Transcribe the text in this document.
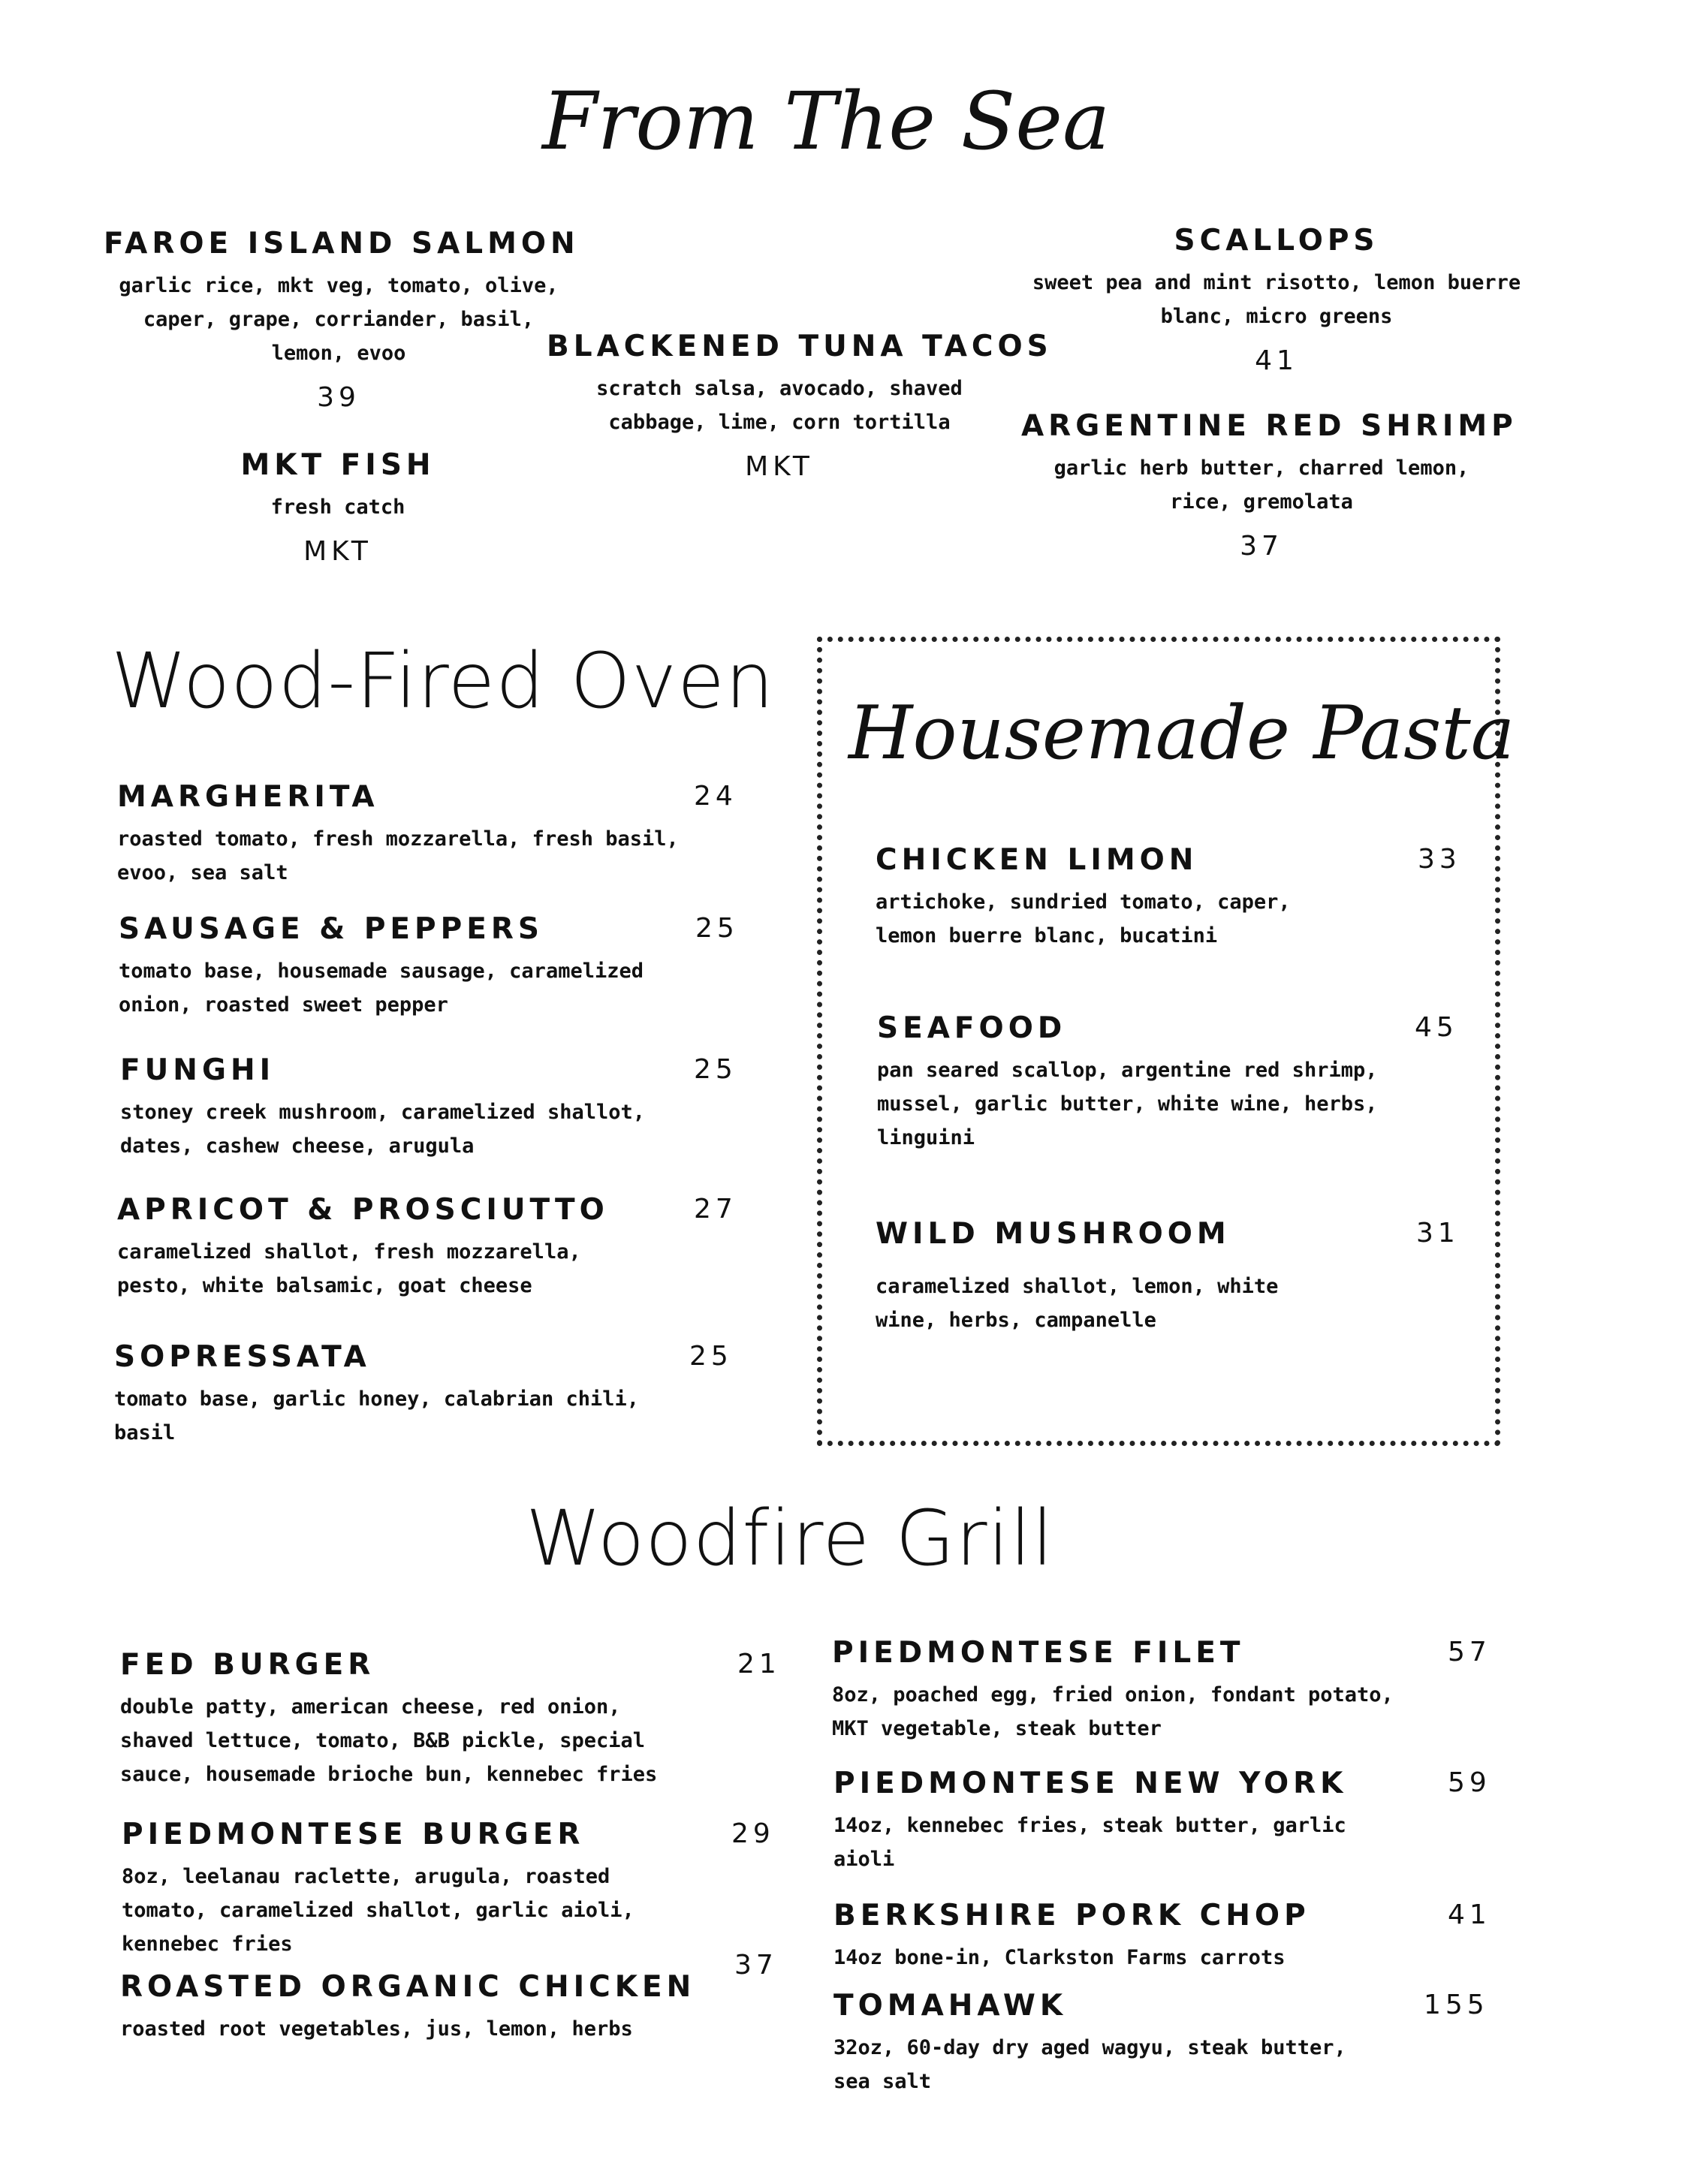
From The Sea
FAROE ISLAND SALMON
garlic rice, mkt veg, tomato, olive, caper, grape, corriander, basil, lemon, evoo
39
MKT FISH
fresh catch
MKT
BLACKENED TUNA TACOS
scratch salsa, avocado, shaved cabbage, lime, corn tortilla
MKT
SCALLOPS
sweet pea and mint risotto, lemon buerre blanc, micro greens
41
ARGENTINE RED SHRIMP
garlic herb butter, charred lemon, rice, gremolata
37
Wood-Fired Oven
MARGHERITA	24
roasted tomato, fresh mozzarella, fresh basil, evoo, sea salt
SAUSAGE & PEPPERS	25
tomato base, housemade sausage, caramelized onion, roasted sweet pepper
FUNGHI	25
stoney creek mushroom, caramelized shallot, dates, cashew cheese, arugula
APRICOT & PROSCIUTTO	27
caramelized shallot, fresh mozzarella, pesto, white balsamic, goat cheese
SOPRESSATA	25
tomato base, garlic honey, calabrian chili, basil
Housemade Pasta
CHICKEN LIMON	33
artichoke, sundried tomato, caper, lemon buerre blanc, bucatini
SEAFOOD	45
pan seared scallop, argentine red shrimp, mussel, garlic butter, white wine, herbs, linguini
WILD MUSHROOM	31
caramelized shallot, lemon, white wine, herbs, campanelle
Woodfire Grill
FED BURGER	21
double patty, american cheese, red onion, shaved lettuce, tomato, B&B pickle, special sauce, housemade brioche bun, kennebec fries
PIEDMONTESE BURGER	29
8oz, leelanau raclette, arugula, roasted tomato, caramelized shallot, garlic aioli, kennebec fries
ROASTED ORGANIC CHICKEN
37
roasted root vegetables, jus, lemon, herbs
PIEDMONTESE FILET	57
8oz, poached egg, fried onion, fondant potato, MKT vegetable, steak butter
PIEDMONTESE NEW YORK	59
14oz, kennebec fries, steak butter, garlic aioli
BERKSHIRE PORK CHOP	41
14oz bone-in, Clarkston Farms carrots
TOMAHAWK	155
32oz, 60-day dry aged wagyu, steak butter, sea salt
